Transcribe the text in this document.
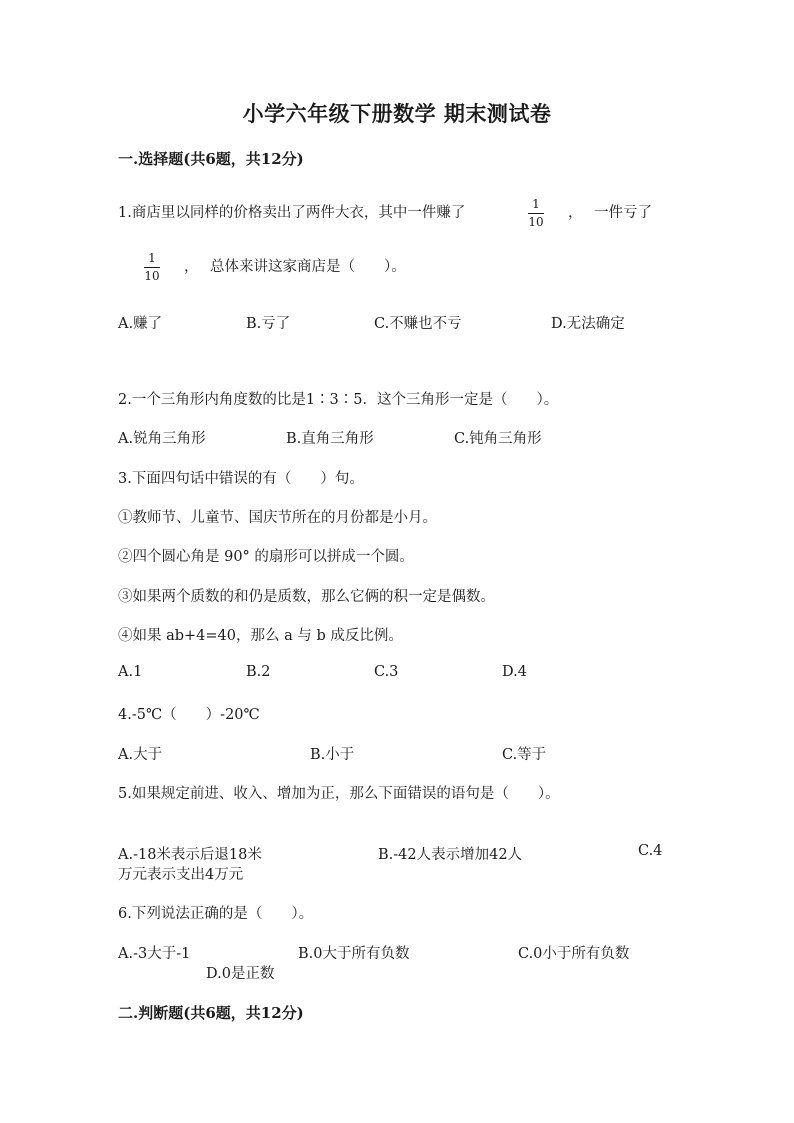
小学六年级下册数学 期末测试卷
一.选择题(共6题，共12分)
1.商店里以同样的价格卖出了两件大衣，其中一件赚了	$\frac{1}{10}$ ， 一件亏了
$\frac{1}{10}$ ， 总体来讲这家商店是（　　）。
A.赚了	B.亏了	C.不赚也不亏	D.无法确定
2.一个三角形内角度数的比是1∶3∶5．这个三角形一定是（　　）。
A.锐角三角形	B.直角三角形	C.钝角三角形
3.下面四句话中错误的有（　　）句。
①教师节、儿童节、国庆节所在的月份都是小月。
②四个圆心角是 90° 的扇形可以拼成一个圆。
③如果两个质数的和仍是质数，那么它俩的积一定是偶数。
④如果 ab+4=40，那么 a 与 b 成反比例。
A.1	B.2	C.3	D.4
4.-5℃（　　）-20℃
A.大于	B.小于	C.等于
5.如果规定前进、收入、增加为正，那么下面错误的语句是（　　）。
A.-18米表示后退18米	B.-42人表示增加42人	C.4
万元表示支出4万元
6.下列说法正确的是（　　）。
A.-3大于-1	B.0大于所有负数	C.0小于所有负数
D.0是正数
二.判断题(共6题，共12分)
